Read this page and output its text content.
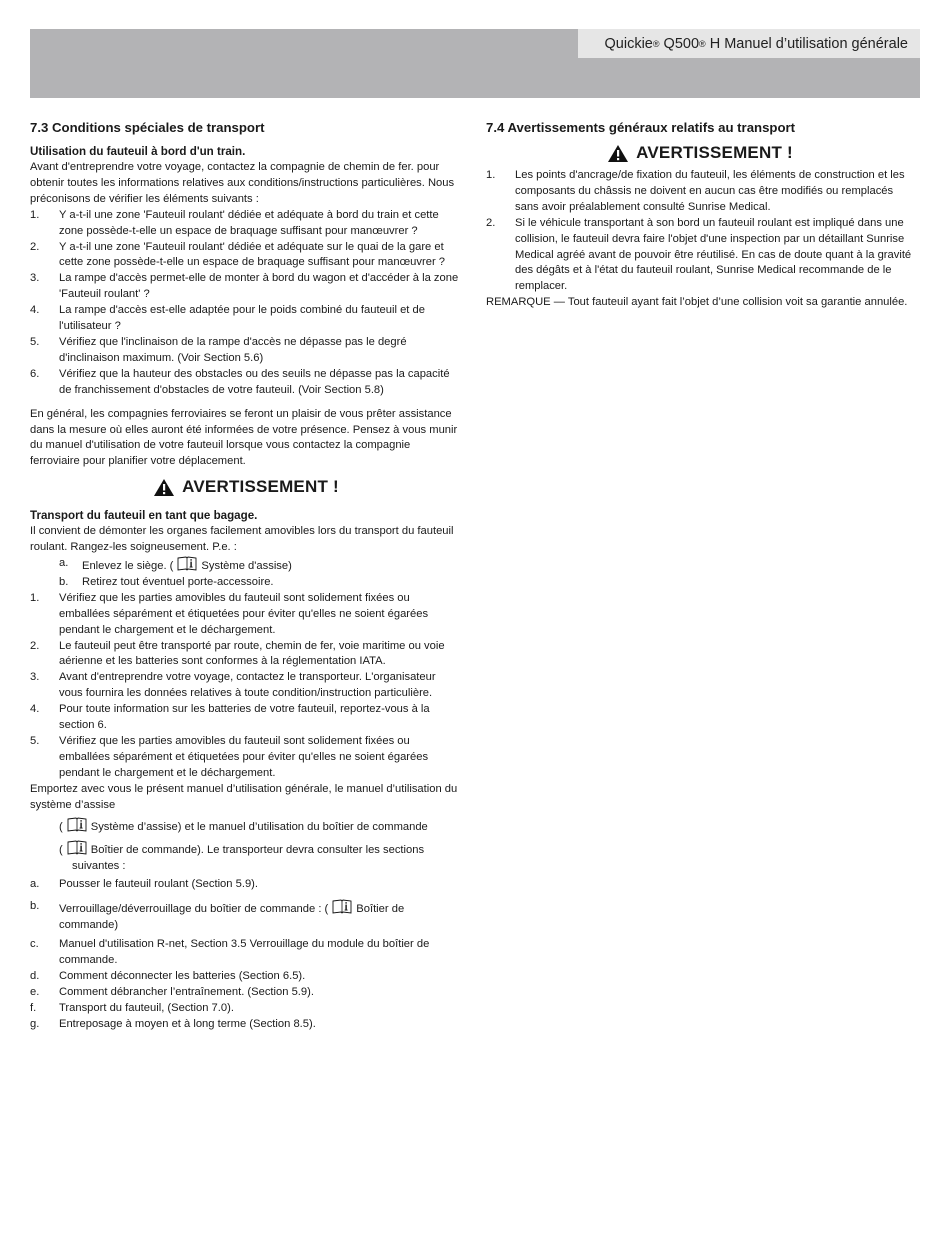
Quickie ®
Q500 ®
H Manuel d’utilisation générale
7.3 Conditions spéciales de transport
Utilisation du fauteuil à bord d'un train.

Avant d'entreprendre votre voyage, contactez la compagnie de chemin de fer. pour obtenir toutes les informations relatives aux conditions/instructions particulières. Nous préconisons de vérifier les éléments suivants :

1. Y a-t-il une zone 'Fauteuil roulant' dédiée et adéquate à bord du train et cette zone possède-t-elle un espace de braquage suffisant pour manœuvrer ?
2. Y a-t-il une zone 'Fauteuil roulant' dédiée et adéquate sur le quai de la gare et cette zone possède-t-elle un espace de braquage suffisant pour manœuvrer ?
3. La rampe d'accès permet-elle de monter à bord du wagon et d'accéder à la zone 'Fauteuil roulant' ?
4. La rampe d'accès est-elle adaptée pour le poids combiné du fauteuil et de l'utilisateur ?
5. Vérifiez que l'inclinaison de la rampe d'accès ne dépasse pas le degré d'inclinaison maximum. (Voir Section 5.6)
6. Vérifiez que la hauteur des obstacles ou des seuils ne dépasse pas la capacité de franchissement d'obstacles de votre fauteuil. (Voir Section 5.8)

En général, les compagnies ferroviaires se feront un plaisir de vous prêter assistance dans la mesure où elles auront été informées de votre présence. Pensez à vous munir du manuel d'utilisation de votre fauteuil lorsque vous contactez la compagnie ferroviaire pour planifier votre déplacement.

AVERTISSEMENT !
Transport du fauteuil en tant que bagage.

Il convient de démonter les organes facilement amovibles lors du transport du fauteuil roulant. Rangez-les soigneusement. P.e. :

a. Enlevez le siège. (	Système d'assise)
b. Retirez tout éventuel porte-accessoire.
1. Vérifiez que les parties amovibles du fauteuil sont solidement fixées ou emballées séparément et étiquetées pour éviter qu'elles ne soient égarées pendant le chargement et le déchargement.
2. Le fauteuil peut être transporté par route, chemin de fer, voie maritime ou voie aérienne et les batteries sont conformes à la réglementation IATA.
3. Avant d'entreprendre votre voyage, contactez le transporteur. L'organisateur vous fournira les données relatives à toute condition/instruction particulière.
4. Pour toute information sur les batteries de votre fauteuil, reportez-vous à la section 6.
5. Vérifiez que les parties amovibles du fauteuil sont solidement fixées ou emballées séparément et étiquetées pour éviter qu'elles ne soient égarées pendant le chargement et le déchargement.

Emportez avec vous le présent manuel d’utilisation générale, le manuel d’utilisation du système d’assise

(	Système d’assise) et le manuel d’utilisation du boîtier de commande

(	Boîtier de commande). Le transporteur devra consulter les sections

suivantes :

a. Pousser le fauteuil roulant (Section 5.9).
b. Verrouillage/déverrouillage du boîtier de commande : (	Boîtier de commande)
c. Manuel d'utilisation R-net, Section 3.5 Verrouillage du module du boîtier de commande.
d. Comment déconnecter les batteries (Section 6.5).
e. Comment débrancher l’entraînement. (Section 5.9).
f. Transport du fauteuil, (Section 7.0).
g. Entreposage à moyen et à long terme (Section 8.5).
7.4 Avertissements généraux relatifs au transport
AVERTISSEMENT !
1. Les points d'ancrage/de fixation du fauteuil, les éléments de construction et les composants du châssis ne doivent en aucun cas être modifiés ou remplacés sans avoir préalablement consulté Sunrise Medical.
2. Si le véhicule transportant à son bord un fauteuil roulant est impliqué dans une collision, le fauteuil devra faire l'objet d'une inspection par un détaillant Sunrise Medical agréé avant de pouvoir être réutilisé. En cas de doute quant à la gravité des dégâts et à l'état du fauteuil roulant, Sunrise Medical recommande de le remplacer.

REMARQUE — Tout fauteuil ayant fait l’objet d’une collision voit sa garantie annulée.
